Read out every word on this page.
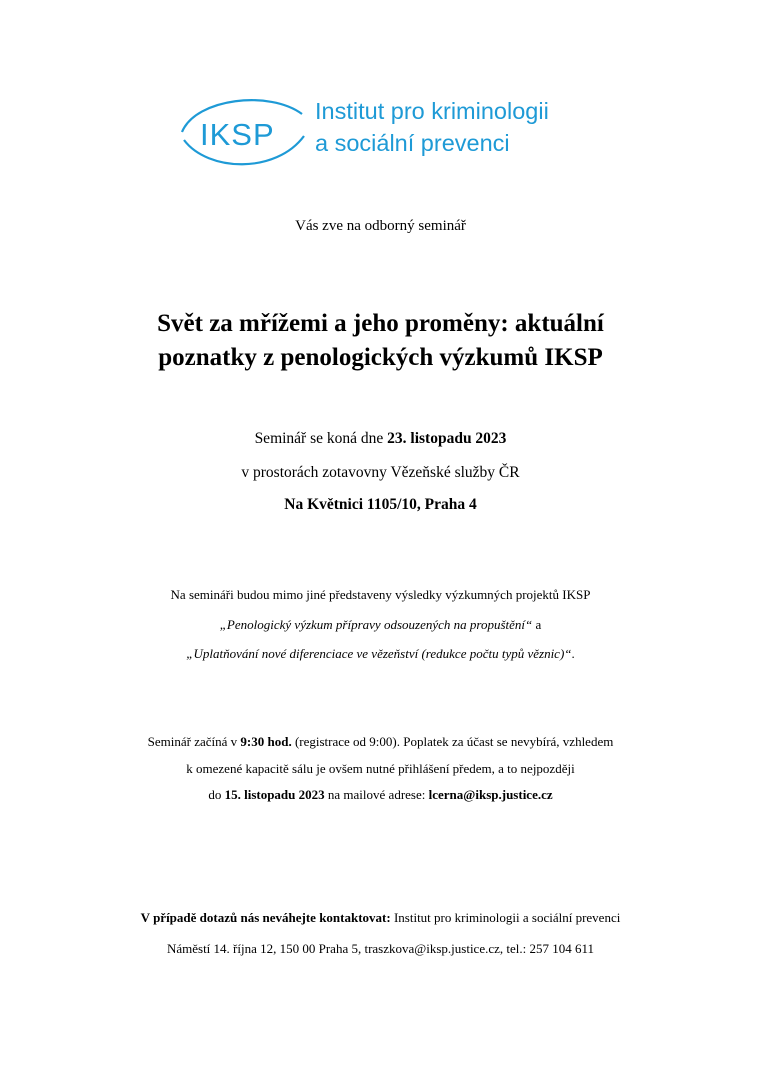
IKSP
Institut pro kriminologii
a sociální prevenci
Vás zve na odborný seminář
Svět za mřížemi a jeho proměny: aktuální
poznatky z penologických výzkumů IKSP
Seminář se koná dne 23. listopadu 2023
v prostorách zotavovny Vězeňské služby ČR
Na Květnici 1105/10, Praha 4
Na semináři budou mimo jiné představeny výsledky výzkumných projektů IKSP
„Penologický výzkum přípravy odsouzených na propuštění“ a
„Uplatňování nové diferenciace ve vězeňství (redukce počtu typů věznic)“.
Seminář začíná v 9:30 hod. (registrace od 9:00). Poplatek za účast se nevybírá, vzhledem
k omezené kapacitě sálu je ovšem nutné přihlášení předem, a to nejpozději
do 15. listopadu 2023 na mailové adrese: lcerna@iksp.justice.cz
V případě dotazů nás neváhejte kontaktovat: Institut pro kriminologii a sociální prevenci
Náměstí 14. října 12, 150 00 Praha 5, traszkova@iksp.justice.cz, tel.: 257 104 611
